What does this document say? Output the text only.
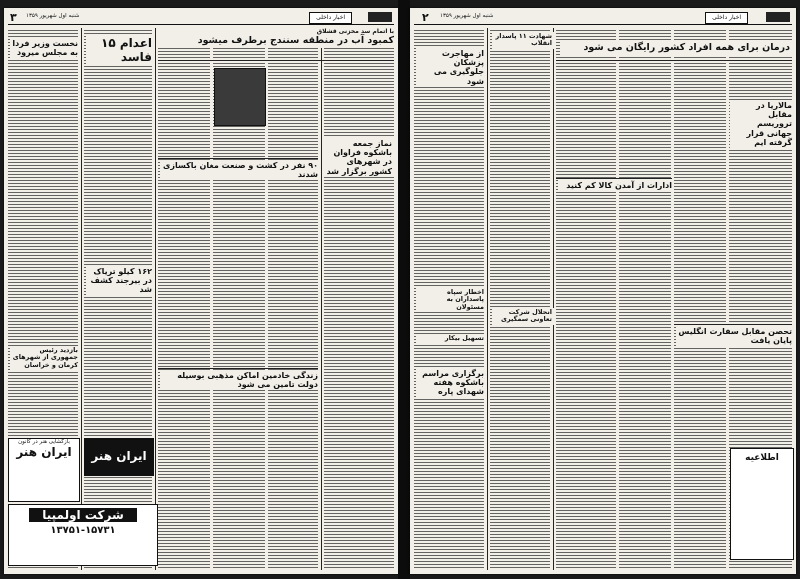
۳ شنبه اول شهریور ۱۳۵۹	اخبار داخلی
با اتمام سد مخزنی قشلاق
کمبود آب در منطقه سنندج برطرف میشود
اعدام ۱۵ فاسد
نخست وزیر فردا به مجلس میرود
نماز جمعه باشکوه فراوان در شهرهای کشور برگزار شد
۹۰ نفر در کشت و صنعت مغان باکسازی شدند
۱۶۲ کیلو تریاک در بیرجند کشف شد
زندگی خادمین اماکن مذهبی بوسیله دولت تامین می شود
بازدید رئیس جمهوری از شهرهای کرمان و خراسان
بازگشایی هنر در کانون
ایران هنر	ایران هنر
شرکت اولمپیا
۱۳۷۵۱-۱۵۷۳۱
۲ شنبه اول شهریور ۱۳۵۹	اخبار داخلی
درمان برای همه افراد کشور رایگان می شود
شهادت ۱۱ پاسدار انقلاب
از مهاجرت پزشکان جلوگیری می شود
مالاریا در مقابل تروریسم جهانی قرار گرفته ایم
ادارات از آمدن کالا کم کنید
اخطار سپاه پاسداران به مسئولان
انحلال شرکت تعاونی سمگیری
تحصن مقابل سفارت انگلیس پایان یافت
تسهیل بیکار
برگزاری مراسم باشکوه هفته شهدای پاره
اطلاعیه
